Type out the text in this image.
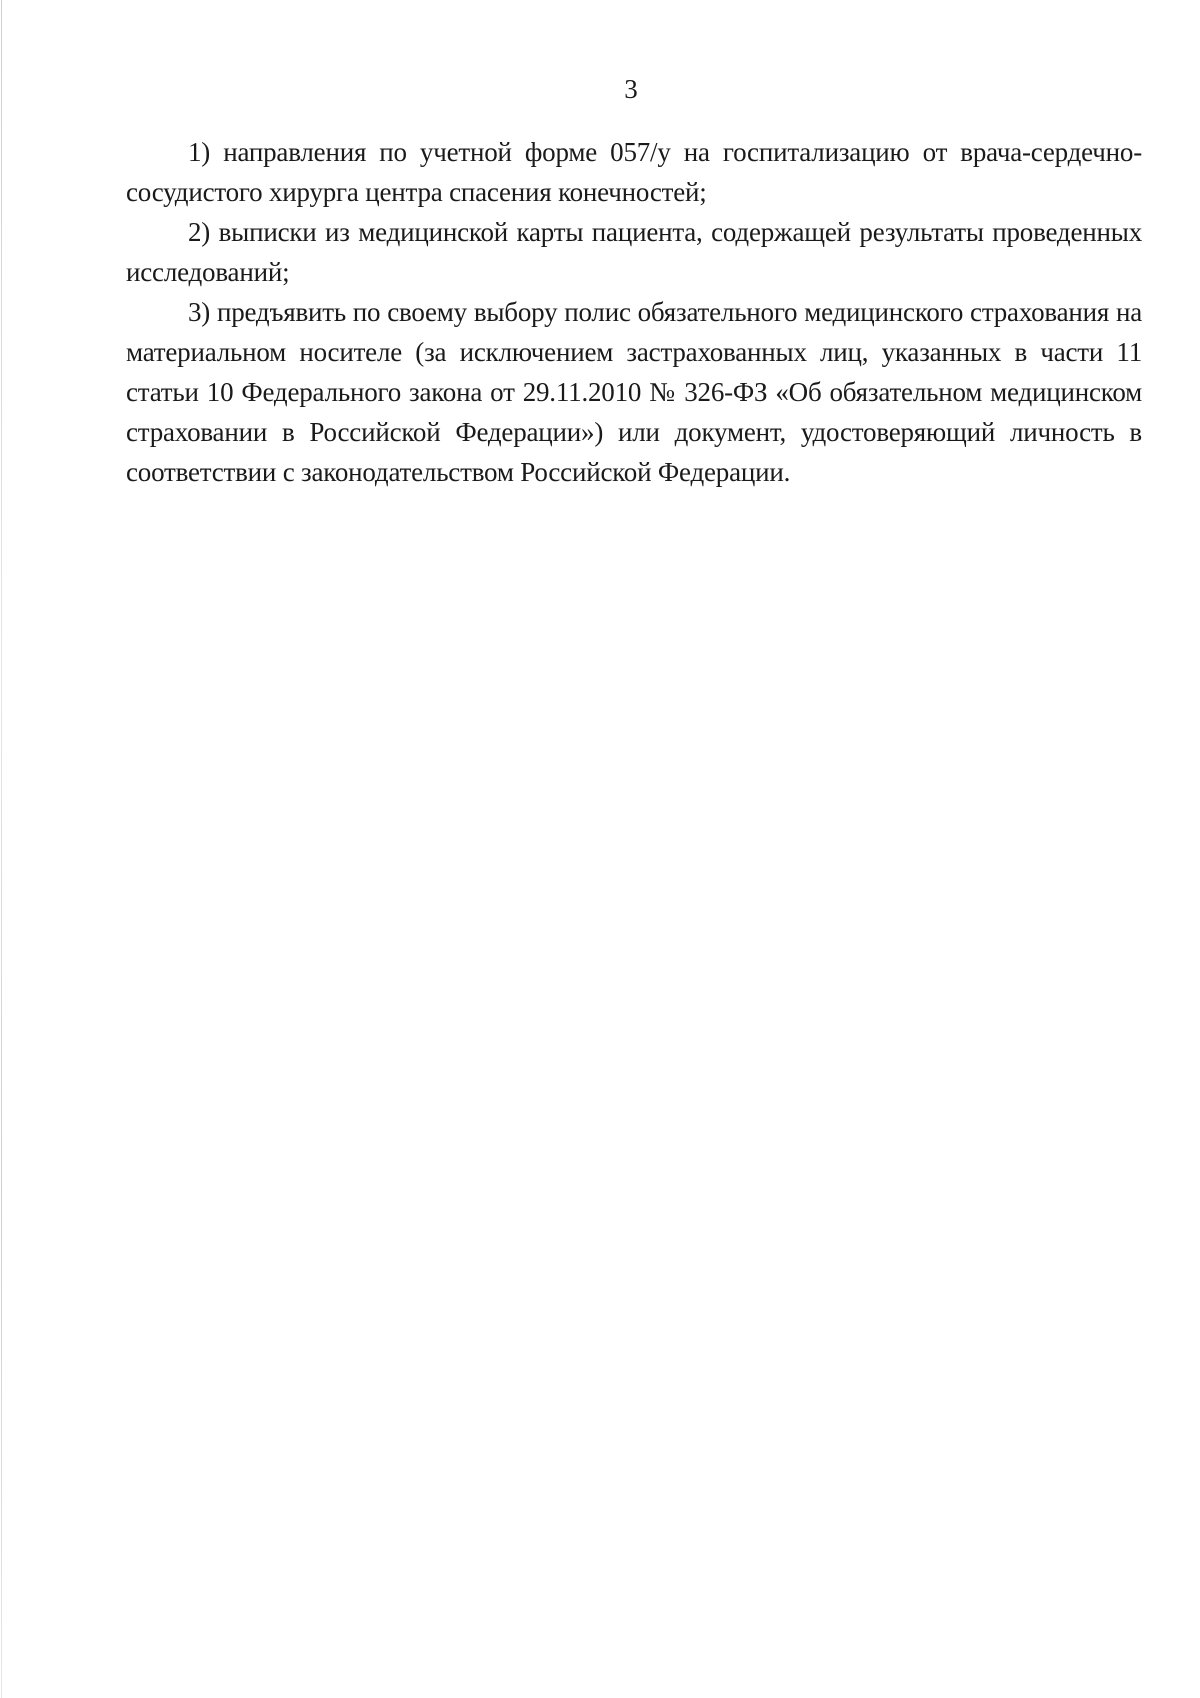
3

1) направления по учетной форме 057/у на госпитализацию от врача-сердечно-сосудистого хирурга центра спасения конечностей;

2) выписки из медицинской карты пациента, содержащей результаты проведенных исследований;

3) предъявить по своему выбору полис обязательного медицинского страхования на материальном носителе (за исключением застрахованных лиц, указанных в части 11 статьи 10 Федерального закона от 29.11.2010 № 326-ФЗ «Об обязательном медицинском страховании в Российской Федерации») или документ, удостоверяющий личность в соответствии с законодательством Российской Федерации.
